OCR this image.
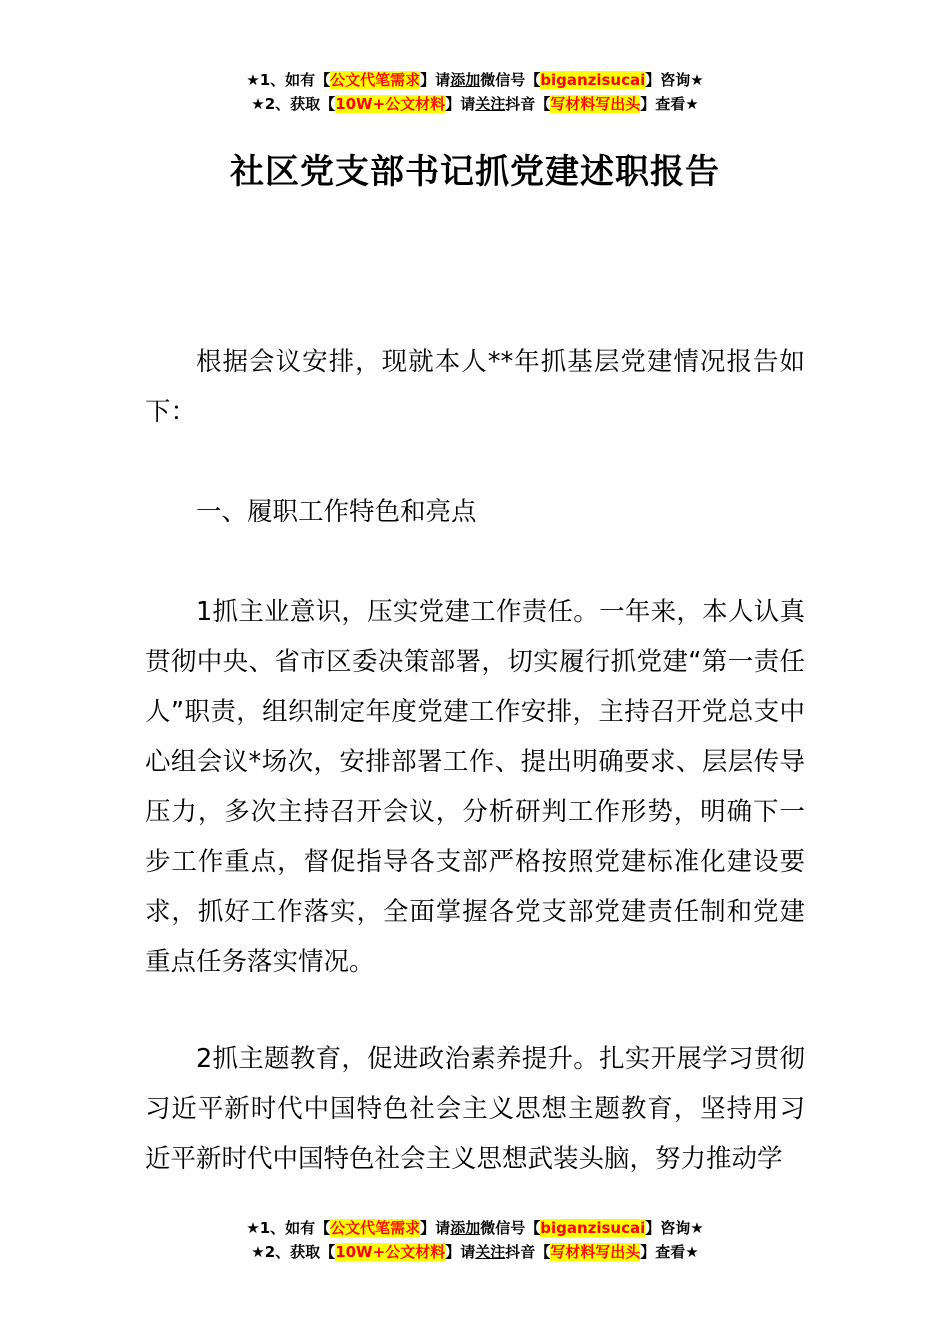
★1、如有【公文代笔需求】请添加微信号【biganzisucai】咨询★
★2、获取【10W+公文材料】请关注抖音【写材料写出头】查看★
社区党支部书记抓党建述职报告
根据会议安排，现就本人**年抓基层党建情况报告如下：
一、履职工作特色和亮点
1抓主业意识，压实党建工作责任。一年来，本人认真贯彻中央、省市区委决策部署，切实履行抓党建“第一责任人”职责，组织制定年度党建工作安排，主持召开党总支中心组会议*场次，安排部署工作、提出明确要求、层层传导压力，多次主持召开会议，分析研判工作形势，明确下一步工作重点，督促指导各支部严格按照党建标准化建设要求，抓好工作落实，全面掌握各党支部党建责任制和党建重点任务落实情况。
2抓主题教育，促进政治素养提升。扎实开展学习贯彻习近平新时代中国特色社会主义思想主题教育，坚持用习近平新时代中国特色社会主义思想武装头脑，努力推动学
★1、如有【公文代笔需求】请添加微信号【biganzisucai】咨询★
★2、获取【10W+公文材料】请关注抖音【写材料写出头】查看★
